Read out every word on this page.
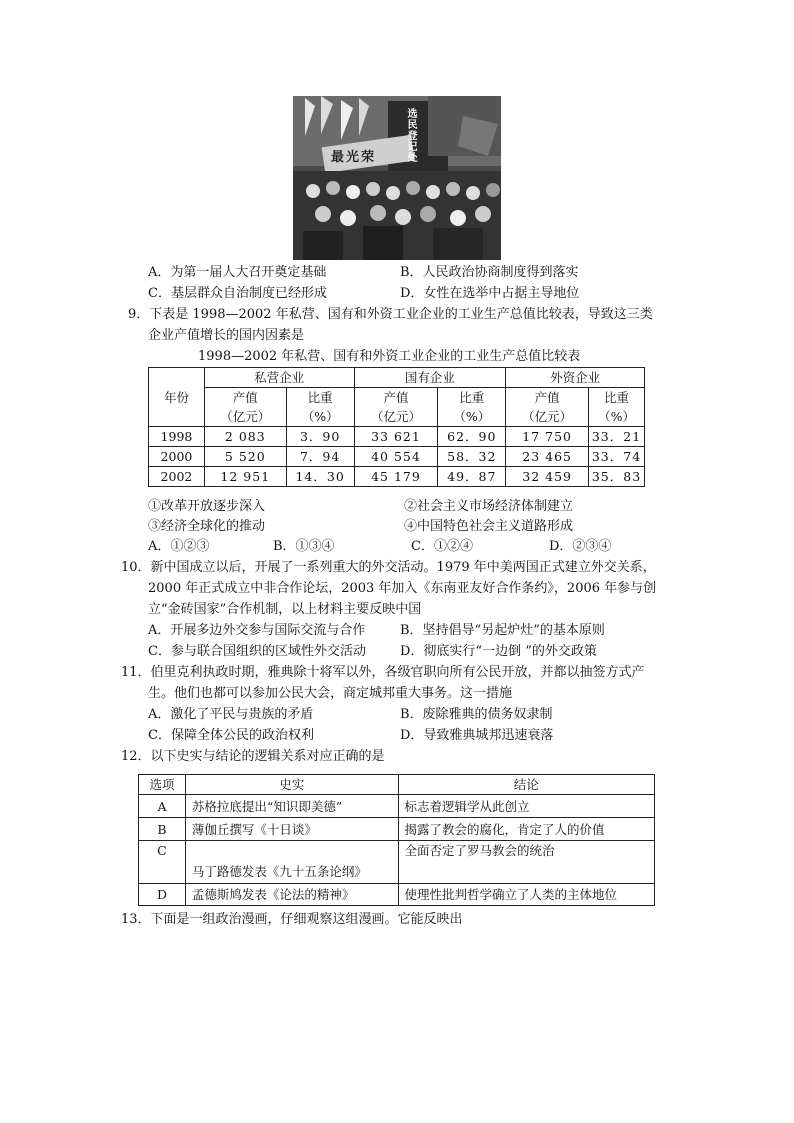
最光荣	选民登记处
A．为第一届人大召开奠定基础	B．人民政治协商制度得到落实
C．基层群众自治制度已经形成	D．女性在选举中占据主导地位
9．下表是 1998—2002 年私营、国有和外资工业企业的工业生产总值比较表，导致这三类
企业产值增长的国内因素是
1998—2002 年私营、国有和外资工业企业的工业生产总值比较表
年份	私营企业		国有企业		外资企业	
	产值	比重	产值	比重	产值	比重
	（亿元）	（%）	（亿元）	（%）	（亿元）	（%）
1998	2 083	3．90	33 621	62．90	17 750	33．21
2000	5 520	7．94	40 554	58．32	23 465	33．74
2002	12 951	14．30	45 179	49．87	32 459	35．83
①改革开放逐步深入	②社会主义市场经济体制建立
③经济全球化的推动	④中国特色社会主义道路形成
A．①②③	B．①③④	C．①②④	D．②③④
10．新中国成立以后，开展了一系列重大的外交活动。1979 年中美两国正式建立外交关系，
2000 年正式成立中非合作论坛，2003 年加入《东南亚友好合作条约》，2006 年参与创
立“金砖国家”合作机制，以上材料主要反映中国
A．开展多边外交参与国际交流与合作	B．坚持倡导“另起炉灶”的基本原则
C．参与联合国组织的区域性外交活动	D．彻底实行“一边倒 ”的外交政策
11．伯里克利执政时期，雅典除十将军以外，各级官职向所有公民开放，并都以抽签方式产
生。他们也都可以参加公民大会，商定城邦重大事务。这一措施
A．激化了平民与贵族的矛盾	B．废除雅典的债务奴隶制
C．保障全体公民的政治权利	D．导致雅典城邦迅速衰落
12．以下史实与结论的逻辑关系对应正确的是
选项	史实	结论
A	苏格拉底提出“知识即美德”	标志着逻辑学从此创立
B	薄伽丘撰写《十日谈》	揭露了教会的腐化，肯定了人的价值
C	马丁路德发表《九十五条论纲》	全面否定了罗马教会的统治
D	孟德斯鸠发表《论法的精神》	使理性批判哲学确立了人类的主体地位
13．下面是一组政治漫画，仔细观察这组漫画。它能反映出
